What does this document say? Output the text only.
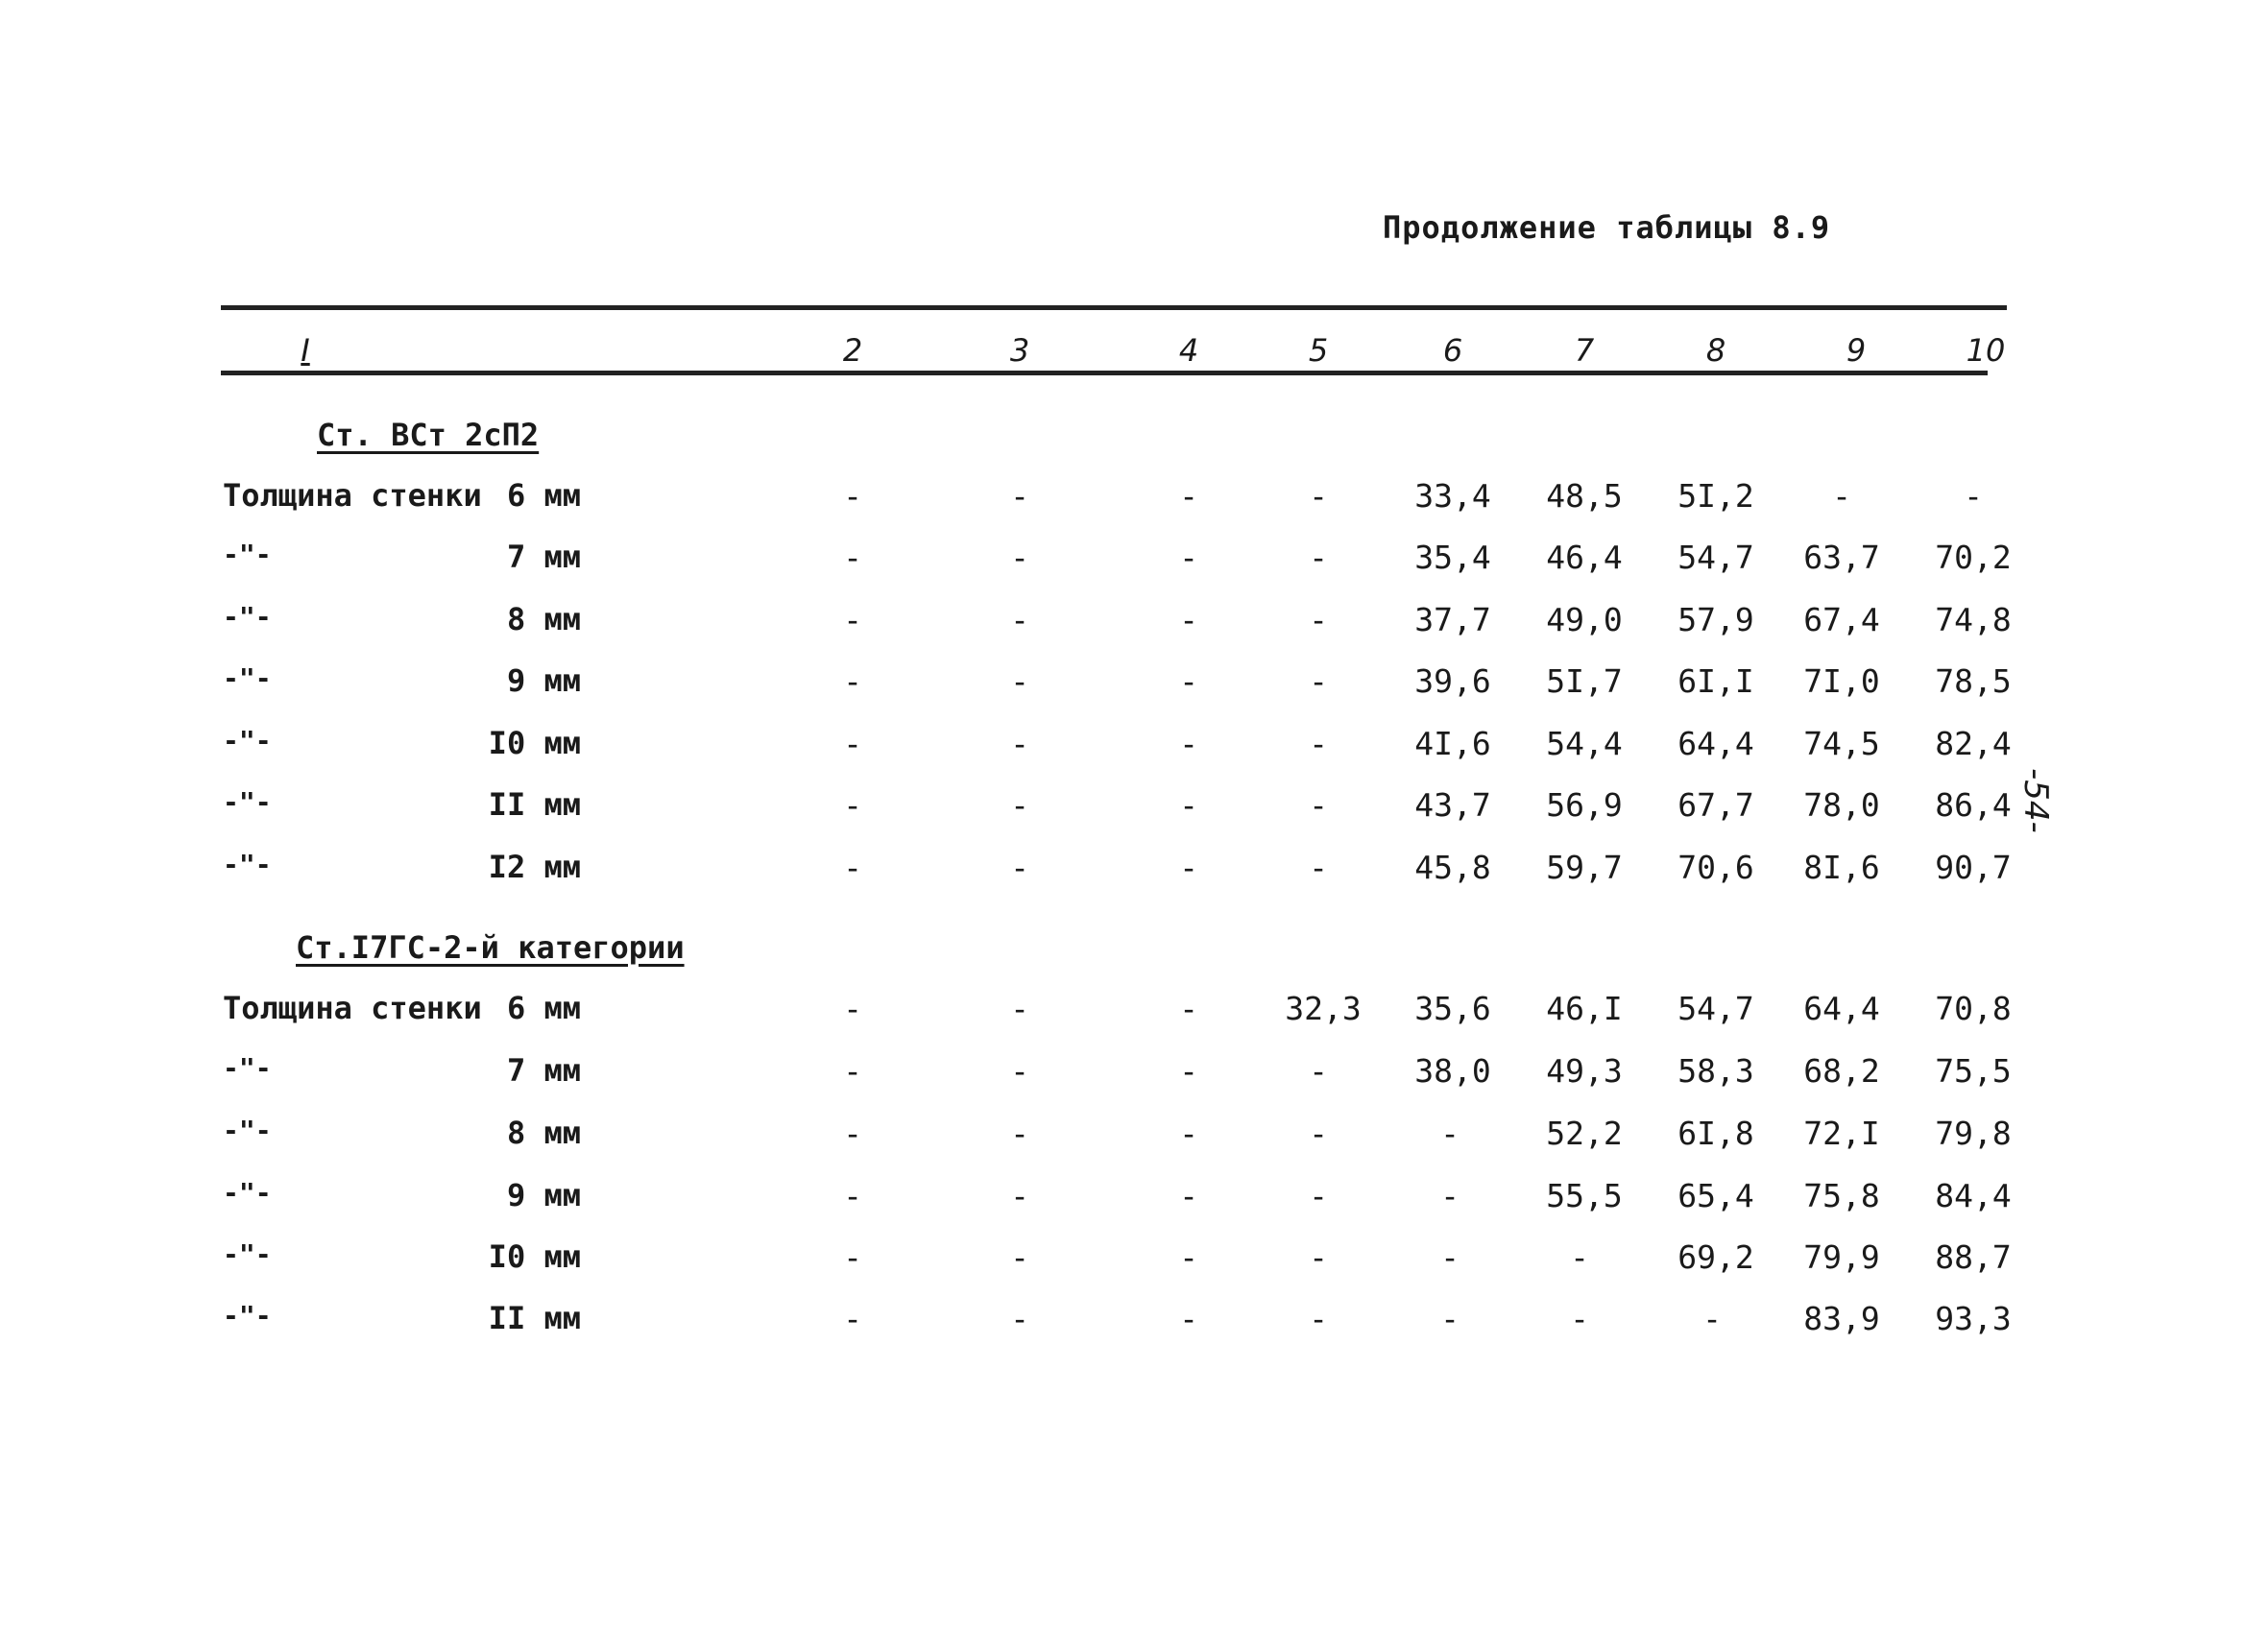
Продолжение таблицы 8.9
I	2	3	4	5	6	7	8	9	10
Ст. ВСт 2сП2
Толщина стенки 6 мм	-	-	-	-	33,4	48,5	5I,2	-	-
-"-	7 мм	-	-	-	-	35,4	46,4	54,7	63,7	70,2
-"-	8 мм	-	-	-	-	37,7	49,0	57,9	67,4	74,8
-"-	9 мм	-	-	-	-	39,6	5I,7	6I,I	7I,0	78,5
-"-	I0 мм	-	-	-	-	4I,6	54,4	64,4	74,5	82,4
-"-	II мм	-	-	-	-	43,7	56,9	67,7	78,0	86,4
-"-	I2 мм	-	-	-	-	45,8	59,7	70,6	8I,6	90,7
Ст.I7ГС-2-й категории
Толщина стенки 6 мм	-	-	-	32,3	35,6	46,I	54,7	64,4	70,8
-"-	7 мм	-	-	-	-	38,0	49,3	58,3	68,2	75,5
-"-	8 мм	-	-	-	-	-	52,2	6I,8	72,I	79,8
-"-	9 мм	-	-	-	-	-	55,5	65,4	75,8	84,4
-"-	I0 мм	-	-	-	-	-	-	69,2	79,9	88,7
-"-	II мм	-	-	-	-	-	-	-	83,9	93,3
-54-
